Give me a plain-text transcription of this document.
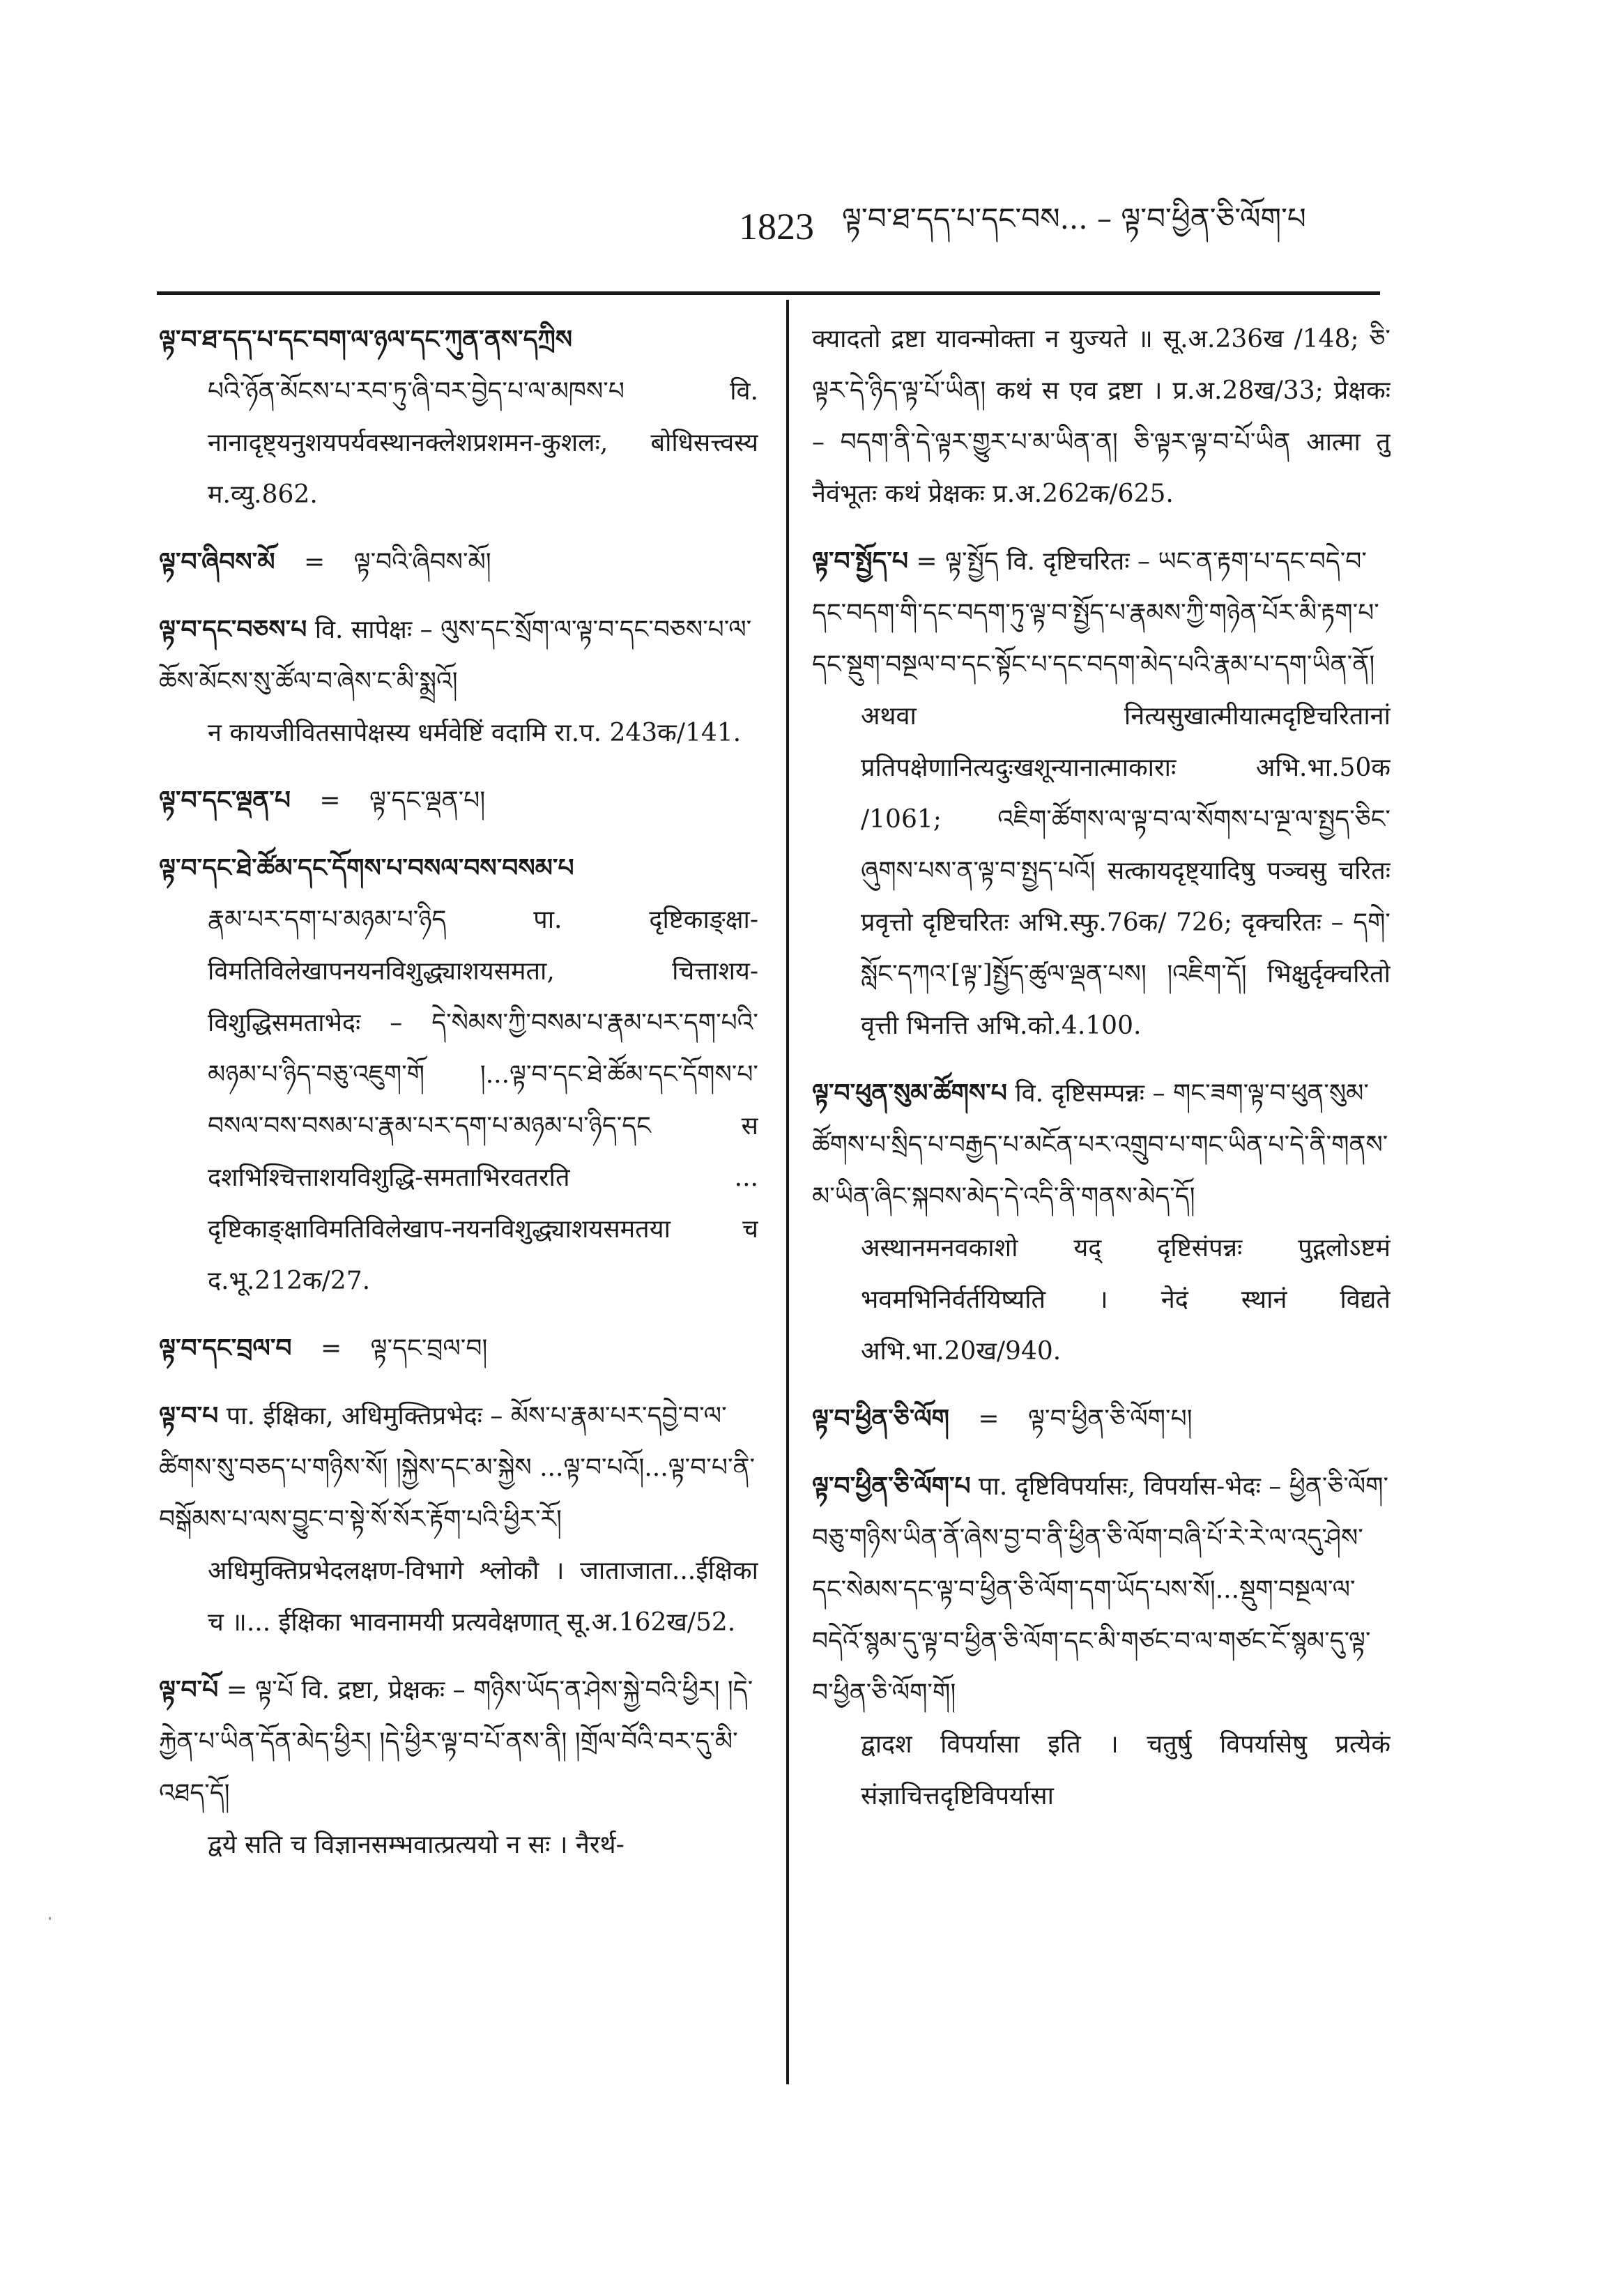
1823 ལྟ་བ་ཐ་དད་པ་དང་བས... – ལྟ་བ་ཕྱིན་ཅི་ལོག་པ
ལྟ་བ་ཐ་དད་པ་དང་བག་ལ་ཉལ་དང་ཀུན་ནས་དཀྲིས
པའི་ཉོན་མོངས་པ་རབ་ཏུ་ཞི་བར་བྱེད་པ་ལ་མཁས་པ वि. नानादृष्ट्यनुशयपर्यवस्थानक्लेशप्रशमन-कुशलः, बोधिसत्त्वस्य म.व्यु.862.
ལྟ་བ་ཞིབས་མོ = ལྟ་བའི་ཞིབས་མོ།
ལྟ་བ་དང་བཅས་པ वि. सापेक्षः – ལུས་དང་སྲོག་ལ་ལྟ་བ་དང་བཅས་པ་ལ་ཆོས་མོངས་སུ་ཚོལ་བ་ཞེས་ང་མི་སྨྲའོ།
न कायजीवितसापेक्षस्य धर्मवेष्टिं वदामि रा.प. 243क/141.
ལྟ་བ་དང་ལྡན་པ = ལྟ་དང་ལྡན་པ།
ལྟ་བ་དང་ཐེ་ཚོམ་དང་དོགས་པ་བསལ་བས་བསམ་པ
རྣམ་པར་དག་པ་མཉམ་པ་ཉིད पा. दृष्टिकाङ्क्षा-विमतिविलेखापनयनविशुद्ध्याशयसमता, चित्ताशय-विशुद्धिसमताभेदः – དེ་སེམས་ཀྱི་བསམ་པ་རྣམ་པར་དག་པའི་མཉམ་པ་ཉིད་བཅུ་འཇུག་གོ །...ལྟ་བ་དང་ཐེ་ཚོམ་དང་དོགས་པ་བསལ་བས་བསམ་པ་རྣམ་པར་དག་པ་མཉམ་པ་ཉིད་དང स दशभिश्चित्ताशयविशुद्धि-समताभिरवतरति ... दृष्टिकाङ्क्षाविमतिविलेखाप-नयनविशुद्ध्याशयसमतया च द.भू.212क/27.
ལྟ་བ་དང་བྲལ་བ = ལྟ་དང་བྲལ་བ།
ལྟ་བ་པ पा. ईक्षिका, अधिमुक्तिप्रभेदः – མོས་པ་རྣམ་པར་དབྱེ་བ་ལ་ཚིགས་སུ་བཅད་པ་གཉིས་སོ། །སྐྱེས་དང་མ་སྐྱེས ...ལྟ་བ་པའོ།...ལྟ་བ་པ་ནི་བསྒོམས་པ་ལས་བྱུང་བ་སྟེ་སོ་སོར་རྟོག་པའི་ཕྱིར་རོ།
अधिमुक्तिप्रभेदलक्षण-विभागे श्लोकौ । जाताजाता...ईक्षिका च ॥... ईक्षिका भावनामयी प्रत्यवेक्षणात् सू.अ.162ख/52.
ལྟ་བ་པོ = ལྟ་པོ वि. द्रष्टा, प्रेक्षकः – གཉིས་ཡོད་ན་ཤེས་སྐྱེ་བའི་ཕྱིར། །དེ་རྐྱེན་པ་ཡིན་དོན་མེད་ཕྱིར། །དེ་ཕྱིར་ལྟ་བ་པོ་ནས་ནི། །གྲོལ་བོའི་བར་དུ་མི་འཐད་དོ།
द्वये सति च विज्ञानसम्भवात्प्रत्ययो न सः । नैरर्थ-
क्यादतो द्रष्टा यावन्मोक्ता न युज्यते ॥ सू.अ.236ख /148; ཅི་ལྟར་དེ་ཉིད་ལྟ་པོ་ཡིན། कथं स एव द्रष्टा । प्र.अ.28ख/33; प्रेक्षकः – བདག་ནི་དེ་ལྟར་གྱུར་པ་མ་ཡིན་ན། ཅི་ལྟར་ལྟ་བ་པོ་ཡིན आत्मा तु नैवंभूतः कथं प्रेक्षकः प्र.अ.262क/625.
ལྟ་བ་སྤྱོད་པ = ལྟ་སྤྱོད वि. दृष्टिचरितः – ཡང་ན་རྟག་པ་དང་བདེ་བ་དང་བདག་གི་དང་བདག་ཏུ་ལྟ་བ་སྤྱོད་པ་རྣམས་ཀྱི་གཉེན་པོར་མི་རྟག་པ་དང་སྡུག་བསྔལ་བ་དང་སྟོང་པ་དང་བདག་མེད་པའི་རྣམ་པ་དག་ཡིན་ནོ།
अथवा नित्यसुखात्मीयात्मदृष्टिचरितानां प्रतिपक्षेणानित्यदुःखशून्यानात्माकाराः अभि.भा.50क /1061; འཇིག་ཚོགས་ལ་ལྟ་བ་ལ་སོགས་པ་ལྔ་ལ་སྤྱད་ཅིང་ཞུགས་པས་ན་ལྟ་བ་སྤྱད་པའོ། सत्कायदृष्ट्यादिषु पञ्चसु चरितः प्रवृत्तो दृष्टिचरितः अभि.स्फु.76क/ 726; दृक्चरितः – དགེ་སློང་དཀའ་[ལྟ་]སྤྱོད་ཚུལ་ལྡན་པས། །འཇིག་དོ། भिक्षुर्दृक्चरितो वृत्ती भिनत्ति अभि.को.4.100.
ལྟ་བ་ཕུན་སུམ་ཚོགས་པ वि. दृष्टिसम्पन्नः – གང་ཟག་ལྟ་བ་ཕུན་སུམ་ཚོགས་པ་སྲིད་པ་བརྒྱད་པ་མངོན་པར་འགྲུབ་པ་གང་ཡིན་པ་དེ་ནི་གནས་མ་ཡིན་ཞིང་སྐབས་མེད་དེ་འདི་ནི་གནས་མེད་དོ།
अस्थानमनवकाशो यद् दृष्टिसंपन्नः पुद्गलोऽष्टमं भवमभिनिर्वर्तयिष्यति । नेदं स्थानं विद्यते अभि.भा.20ख/940.
ལྟ་བ་ཕྱིན་ཅི་ལོག = ལྟ་བ་ཕྱིན་ཅི་ལོག་པ།
ལྟ་བ་ཕྱིན་ཅི་ལོག་པ पा. दृष्टिविपर्यासः, विपर्यास-भेदः – ཕྱིན་ཅི་ལོག་བཅུ་གཉིས་ཡིན་ནོ་ཞེས་བྱ་བ་ནི་ཕྱིན་ཅི་ལོག་བཞི་པོ་རེ་རེ་ལ་འདུ་ཤེས་དང་སེམས་དང་ལྟ་བ་ཕྱིན་ཅི་ལོག་དག་ཡོད་པས་སོ།...སྡུག་བསྔལ་ལ་བདེའོ་སྙམ་དུ་ལྟ་བ་ཕྱིན་ཅི་ལོག་དང་མི་གཙང་བ་ལ་གཙང་ངོ་སྙམ་དུ་ལྟ་བ་ཕྱིན་ཅི་ལོག་གོ།
द्वादश विपर्यासा इति । चतुर्षु विपर्यासेषु प्रत्येकं संज्ञाचित्तदृष्टिविपर्यासा
